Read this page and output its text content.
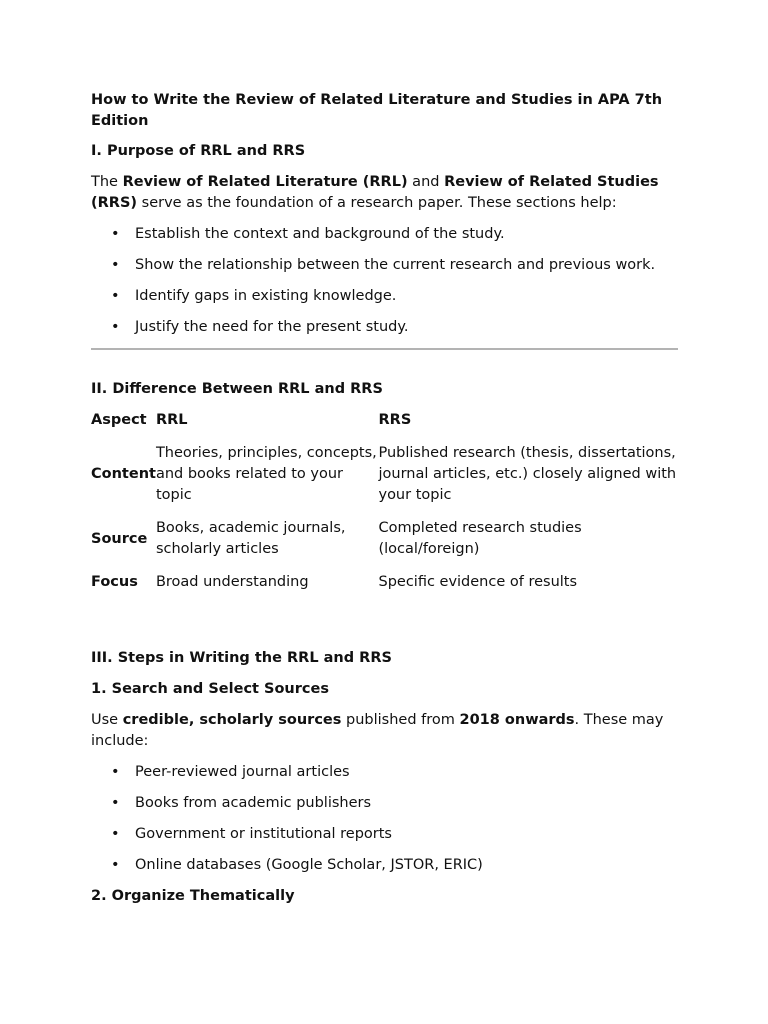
How to Write the Review of Related Literature and Studies in APA 7th Edition
I. Purpose of RRL and RRS
The Review of Related Literature (RRL) and Review of Related Studies (RRS) serve as the foundation of a research paper. These sections help:
• Establish the context and background of the study.
• Show the relationship between the current research and previous work.
• Identify gaps in existing knowledge.
• Justify the need for the present study.
II. Difference Between RRL and RRS
Aspect	RRL	RRS
Content	Theories, principles, concepts, and books related to your topic	Published research (thesis, dissertations, journal articles, etc.) closely aligned with your topic
Source	Books, academic journals, scholarly articles	Completed research studies (local/foreign)
Focus	Broad understanding	Specific evidence of results
III. Steps in Writing the RRL and RRS
1. Search and Select Sources
Use credible, scholarly sources published from 2018 onwards. These may include:
• Peer-reviewed journal articles
• Books from academic publishers
• Government or institutional reports
• Online databases (Google Scholar, JSTOR, ERIC)
2. Organize Thematically
